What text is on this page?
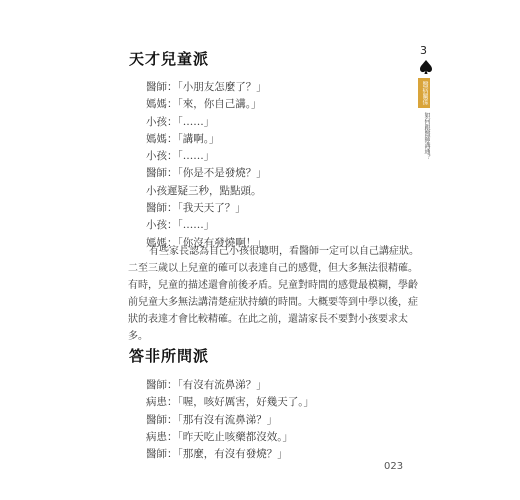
天才兒童派
醫師：「小朋友怎麼了？」
媽媽：「來，你自己講。」
小孩：「……」
媽媽：「講啊。」
小孩：「……」
醫師：「你是不是發燒？」
小孩遲疑三秒，點點頭。
醫師：「我天天了？」
小孩：「……」
媽媽：「你沒有發燒啊！」
有些家長認為自己小孩很聰明，看醫師一定可以自己講症狀。
二至三歲以上兒童的確可以表達自己的感覺，但大多無法很精確。
有時，兒童的描述還會前後矛盾。兒童對時間的感覺最模糊，學齡
前兒童大多無法講清楚症狀持續的時間。大概要等到中學以後，症
狀的表達才會比較精確。在此之前，還請家長不要對小孩要求太
多。
答非所問派
醫師：「有沒有流鼻涕？」
病患：「喔，咳好厲害，好幾天了。」
醫師：「那有沒有流鼻涕？」
病患：「昨天吃止咳藥都沒效。」
醫師：「那麼，有沒有發燒？」
3
醫病關係
如何跟醫師溝通？
023
